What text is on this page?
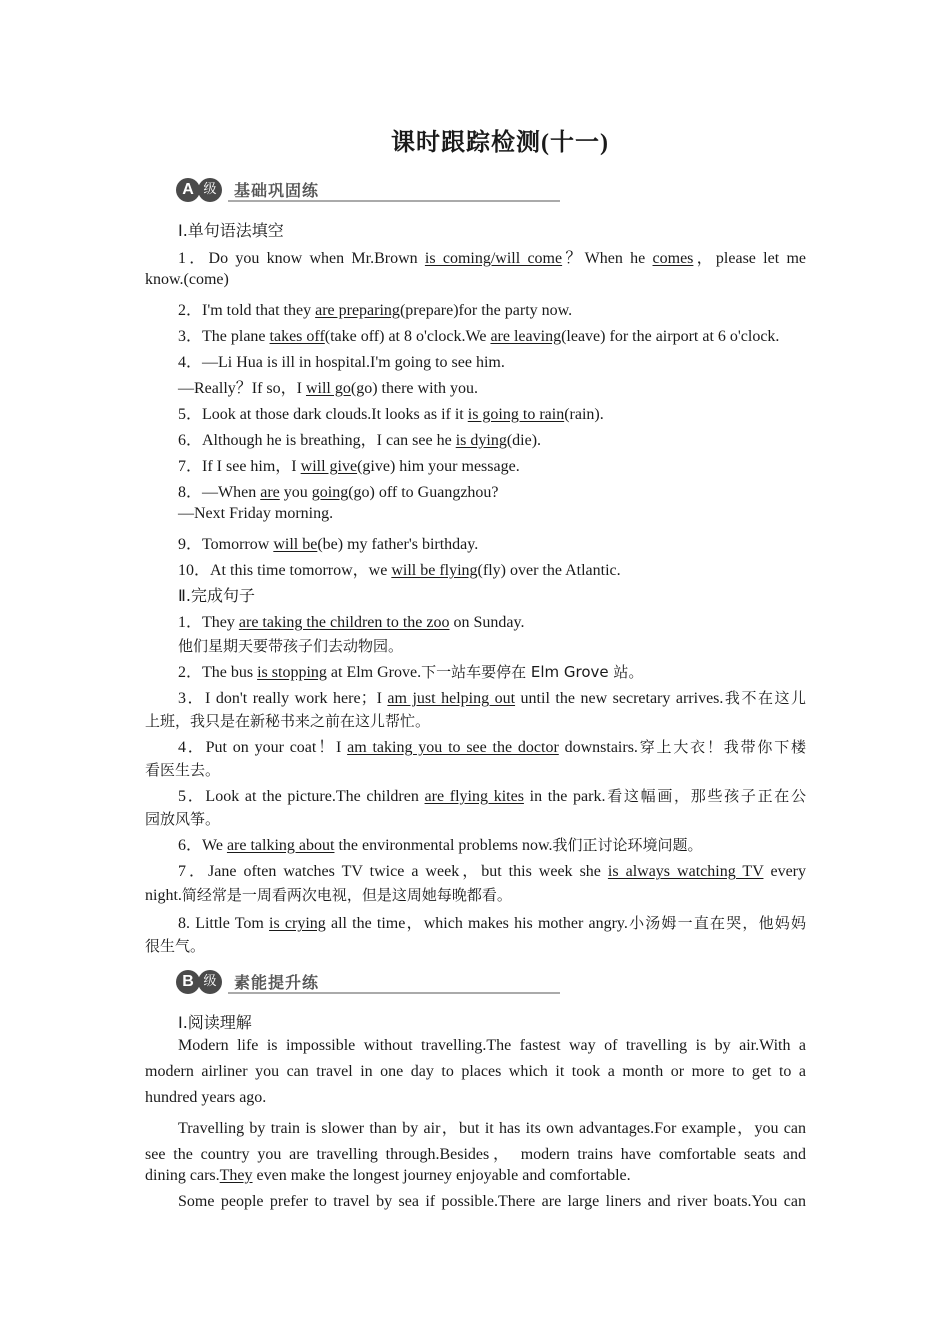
课时跟踪检测(十一)
A 级	基础巩固练
Ⅰ.单句语法填空
1．Do you know when Mr.Brown is coming/will come？When he comes，please let me
know.(come)
2．I'm told that they are preparing(prepare)for the party now.
3．The plane takes off(take off) at 8 o'clock.We are leaving(leave) for the airport at 6 o'clock.
4．—Li Hua is ill in hospital.I'm going to see him.
—Really？If so，I will go(go) there with you.
5．Look at those dark clouds.It looks as if it is going to rain(rain).
6．Although he is breathing，I can see he is dying(die).
7．If I see him，I will give(give) him your message.
8．—When are you going(go) off to Guangzhou?
—Next Friday morning.
9．Tomorrow will be(be) my father's birthday.
10．At this time tomorrow，we will be flying(fly) over the Atlantic.
Ⅱ.完成句子
1．They are taking the children to the zoo on Sunday.
他们星期天要带孩子们去动物园。
2．The bus is stopping at Elm Grove.下一站车要停在 Elm Grove 站。
3．I don't really work here；I am just helping out until the new secretary arrives.我不在这儿
上班，我只是在新秘书来之前在这儿帮忙。
4．Put on your coat！I am taking you to see the doctor downstairs.穿上大衣！我带你下楼
看医生去。
5．Look at the picture.The children are flying kites in the park.看这幅画，那些孩子正在公
园放风筝。
6．We are talking about the environmental problems now.我们正讨论环境问题。
7．Jane often watches TV twice a week，but this week she is always watching TV every
night.简经常是一周看两次电视，但是这周她每晚都看。
8. Little Tom is crying all the time，which makes his mother angry.小汤姆一直在哭，他妈妈
很生气。
B 级	素能提升练
Ⅰ.阅读理解
Modern life is impossible without travelling.The fastest way of travelling is by air.With a
modern airliner you can travel in one day to places which it took a month or more to get to a
hundred years ago.
Travelling by train is slower than by air，but it has its own advantages.For example，you can
see the country you are travelling through.Besides， modern trains have comfortable seats and
dining cars.They even make the longest journey enjoyable and comfortable.
Some people prefer to travel by sea if possible.There are large liners and river boats.You can
